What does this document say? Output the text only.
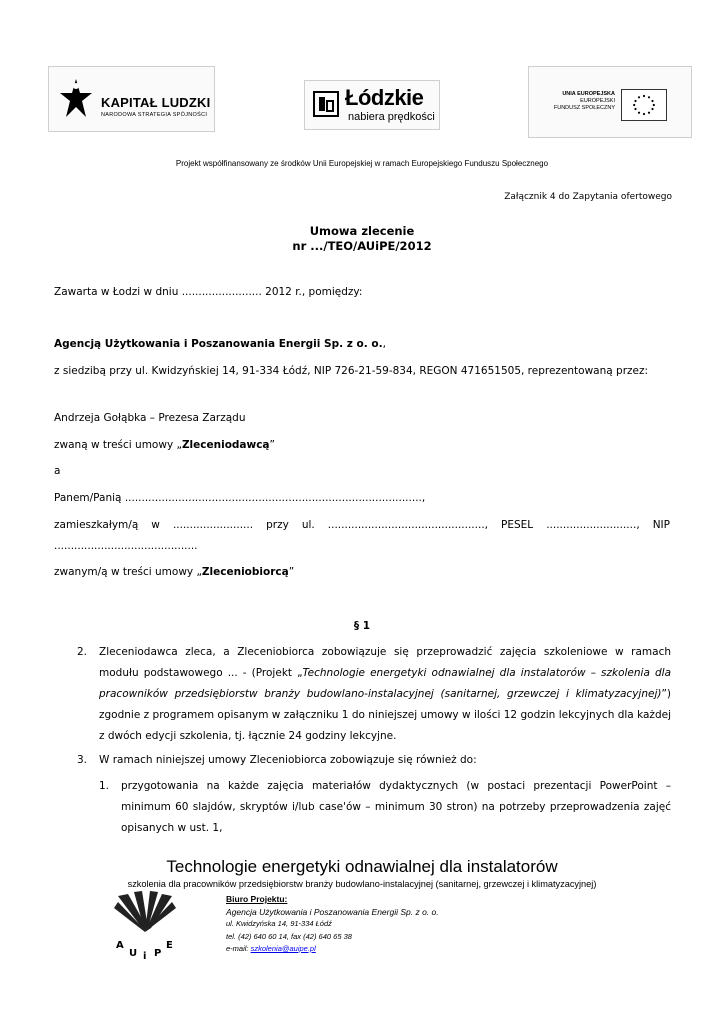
KAPITAŁ LUDZKI
NARODOWA STRATEGIA SPÓJNOŚCI
Łódzkie
nabiera prędkości
UNIA EUROPEJSKA
EUROPEJSKI
FUNDUSZ SPOŁECZNY
Projekt współfinansowany ze środków Unii Europejskiej w ramach Europejskiego Funduszu Społecznego
Załącznik 4 do Zapytania ofertowego
Umowa zlecenie
nr .../TEO/AUiPE/2012
Zawarta w Łodzi w dniu ........................ 2012 r., pomiędzy:
Agencją Użytkowania i Poszanowania Energii Sp. z o. o.,
z siedzibą przy ul. Kwidzyńskiej 14, 91-334 Łódź, NIP 726-21-59-834, REGON 471651505, reprezentowaną przez:
Andrzeja Gołąbka – Prezesa Zarządu
zwaną w treści umowy „Zleceniodawcą”
a
Panem/Panią .........................................................................................,
zamieszkałym/ą w ........................ przy ul. ..............................................., PESEL ..........................., NIP ...........................................
zwanym/ą w treści umowy „Zleceniobiorcą”
§ 1
2. Zleceniodawca zleca, a Zleceniobiorca zobowiązuje się przeprowadzić zajęcia szkoleniowe w ramach modułu podstawowego ... - (Projekt „Technologie energetyki odnawialnej dla instalatorów – szkolenia dla pracowników przedsiębiorstw branży budowlano-instalacyjnej (sanitarnej, grzewczej i klimatyzacyjnej)”) zgodnie z programem opisanym w załączniku 1 do niniejszej umowy w ilości 12 godzin lekcyjnych dla każdej z dwóch edycji szkolenia, tj. łącznie 24 godziny lekcyjne.
3. W ramach niniejszej umowy Zleceniobiorca zobowiązuje się również do:
1. przygotowania na każde zajęcia materiałów dydaktycznych (w postaci prezentacji PowerPoint – minimum 60 slajdów, skryptów i/lub case'ów – minimum 30 stron) na potrzeby przeprowadzenia zajęć opisanych w ust. 1,
Technologie energetyki odnawialnej dla instalatorów
szkolenia dla pracowników przedsiębiorstw branży budowlano-instalacyjnej (sanitarnej, grzewczej i klimatyzacyjnej)
A
U i P
E
Biuro Projektu:
Agencja Użytkowania i Poszanowania Energii Sp. z o. o.
ul. Kwidzyńska 14, 91-334 Łódź
tel. (42) 640 60 14, fax (42) 640 65 38
e-mail: szkolenia@auipe.pl
